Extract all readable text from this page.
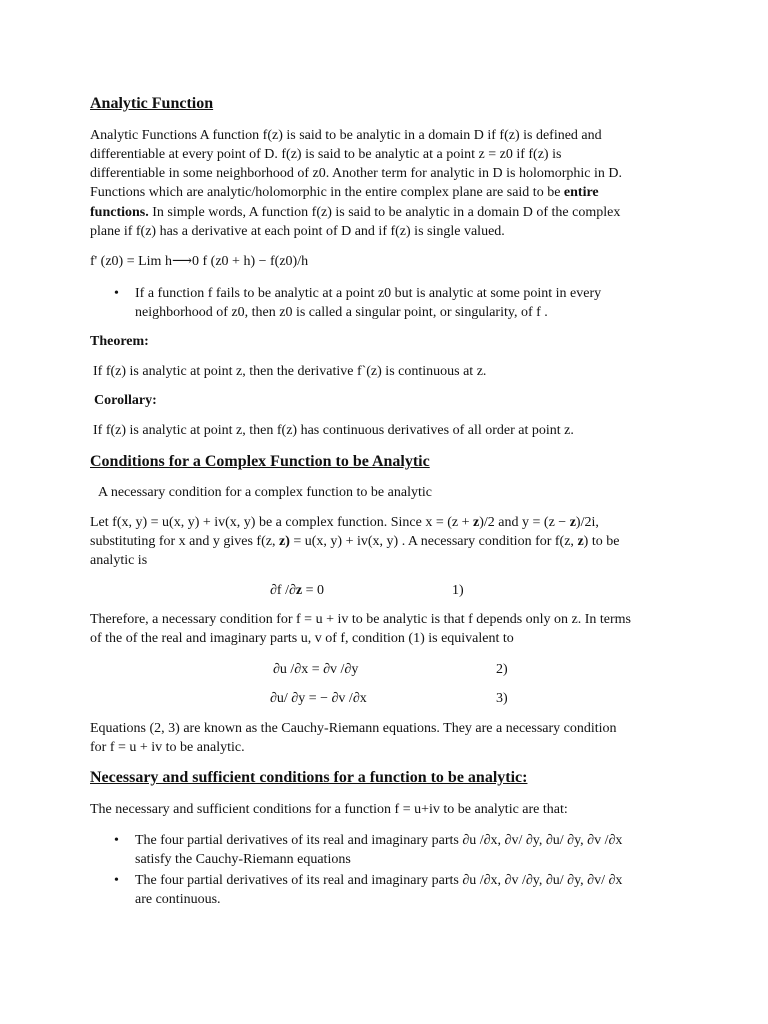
Analytic Function
Analytic Functions A function f(z) is said to be analytic in a domain D if f(z) is defined and
differentiable at every point of D. f(z) is said to be analytic at a point z = z0 if f(z) is
differentiable in some neighborhood of z0. Another term for analytic in D is holomorphic in D.
Functions which are analytic/holomorphic in the entire complex plane are said to be entire
functions. In simple words, A function f(z) is said to be analytic in a domain D of the complex
plane if f(z) has a derivative at each point of D and if f(z) is single valued.
f' (z0) = Lim h⟶0 f (z0 + h) − f(z0)/h
• If a function f fails to be analytic at a point z0 but is analytic at some point in every
neighborhood of z0, then z0 is called a singular point, or singularity, of f .
Theorem:
If f(z) is analytic at point z, then the derivative f`(z) is continuous at z.
Corollary:
If f(z) is analytic at point z, then f(z) has continuous derivatives of all order at point z.
Conditions for a Complex Function to be Analytic
A necessary condition for a complex function to be analytic
Let f(x, y) = u(x, y) + iv(x, y) be a complex function. Since x = (z + z)/2 and y = (z − z)/2i,
substituting for x and y gives f(z, z) = u(x, y) + iv(x, y) . A necessary condition for f(z, z) to be
analytic is
∂f /∂z = 0	1)
Therefore, a necessary condition for f = u + iv to be analytic is that f depends only on z. In terms
of the of the real and imaginary parts u, v of f, condition (1) is equivalent to
∂u /∂x = ∂v /∂y	2)
∂u/ ∂y = − ∂v /∂x	3)
Equations (2, 3) are known as the Cauchy-Riemann equations. They are a necessary condition
for f = u + iv to be analytic.
Necessary and sufficient conditions for a function to be analytic:
The necessary and sufficient conditions for a function f = u+iv to be analytic are that:
• The four partial derivatives of its real and imaginary parts ∂u /∂x, ∂v/ ∂y, ∂u/ ∂y, ∂v /∂x
satisfy the Cauchy-Riemann equations
• The four partial derivatives of its real and imaginary parts ∂u /∂x, ∂v /∂y, ∂u/ ∂y, ∂v/ ∂x
are continuous.
